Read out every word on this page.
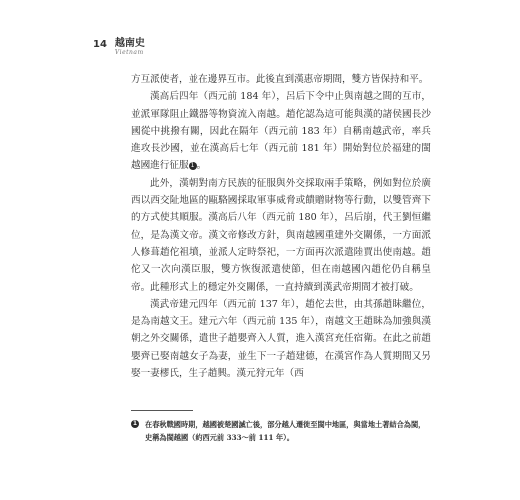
14 越南史
Vietnam

方互派使者，並在邊界互市。此後直到漢惠帝期間，雙方皆保持和平。

漢高后四年（西元前 184 年），呂后下令中止與南越之間的互市，並派軍隊阻止鐵器等物資流入南越。趙佗認為這可能與漢的諸侯國長沙國從中挑撥有關，因此在隔年（西元前 183 年）自稱南越武帝，率兵進攻長沙國，並在漢高后七年（西元前 181 年）開始對位於福建的閩越國進行征服 1 。

此外，漢朝對南方民族的征服與外交採取兩手策略，例如對位於廣西以西交阯地區的甌駱國採取軍事威脅或饋贈財物等行動，以雙管齊下的方式使其順服。漢高后八年（西元前 180 年），呂后崩，代王劉恒繼位，是為漢文帝。漢文帝修改方針，與南越國重建外交關係，一方面派人修葺趙佗祖墳，並派人定時祭祀，一方面再次派遣陸賈出使南越。趙佗又一次向漢臣服，雙方恢復派遣使節，但在南越國內趙佗仍自稱皇帝。此種形式上的穩定外交關係，一直持續到漢武帝期間才被打破。

漢武帝建元四年（西元前 137 年），趙佗去世，由其孫趙眛繼位，是為南越文王。建元六年（西元前 135 年），南越文王趙眛為加強與漢朝之外交關係，遣世子趙嬰齊入人質，進入漢宮充任宿衛。在此之前趙嬰齊已娶南越女子為妻，並生下一子趙建德，在漢宮作為人質期間又另娶一妻樛氏，生子趙興。漢元狩元年（西

1 在春秋戰國時期，越國被楚國滅亡後，部分越人遷徙至閩中地區，與當地土著結合為閩，史稱為閩越國（約西元前 333～前 111 年）。
